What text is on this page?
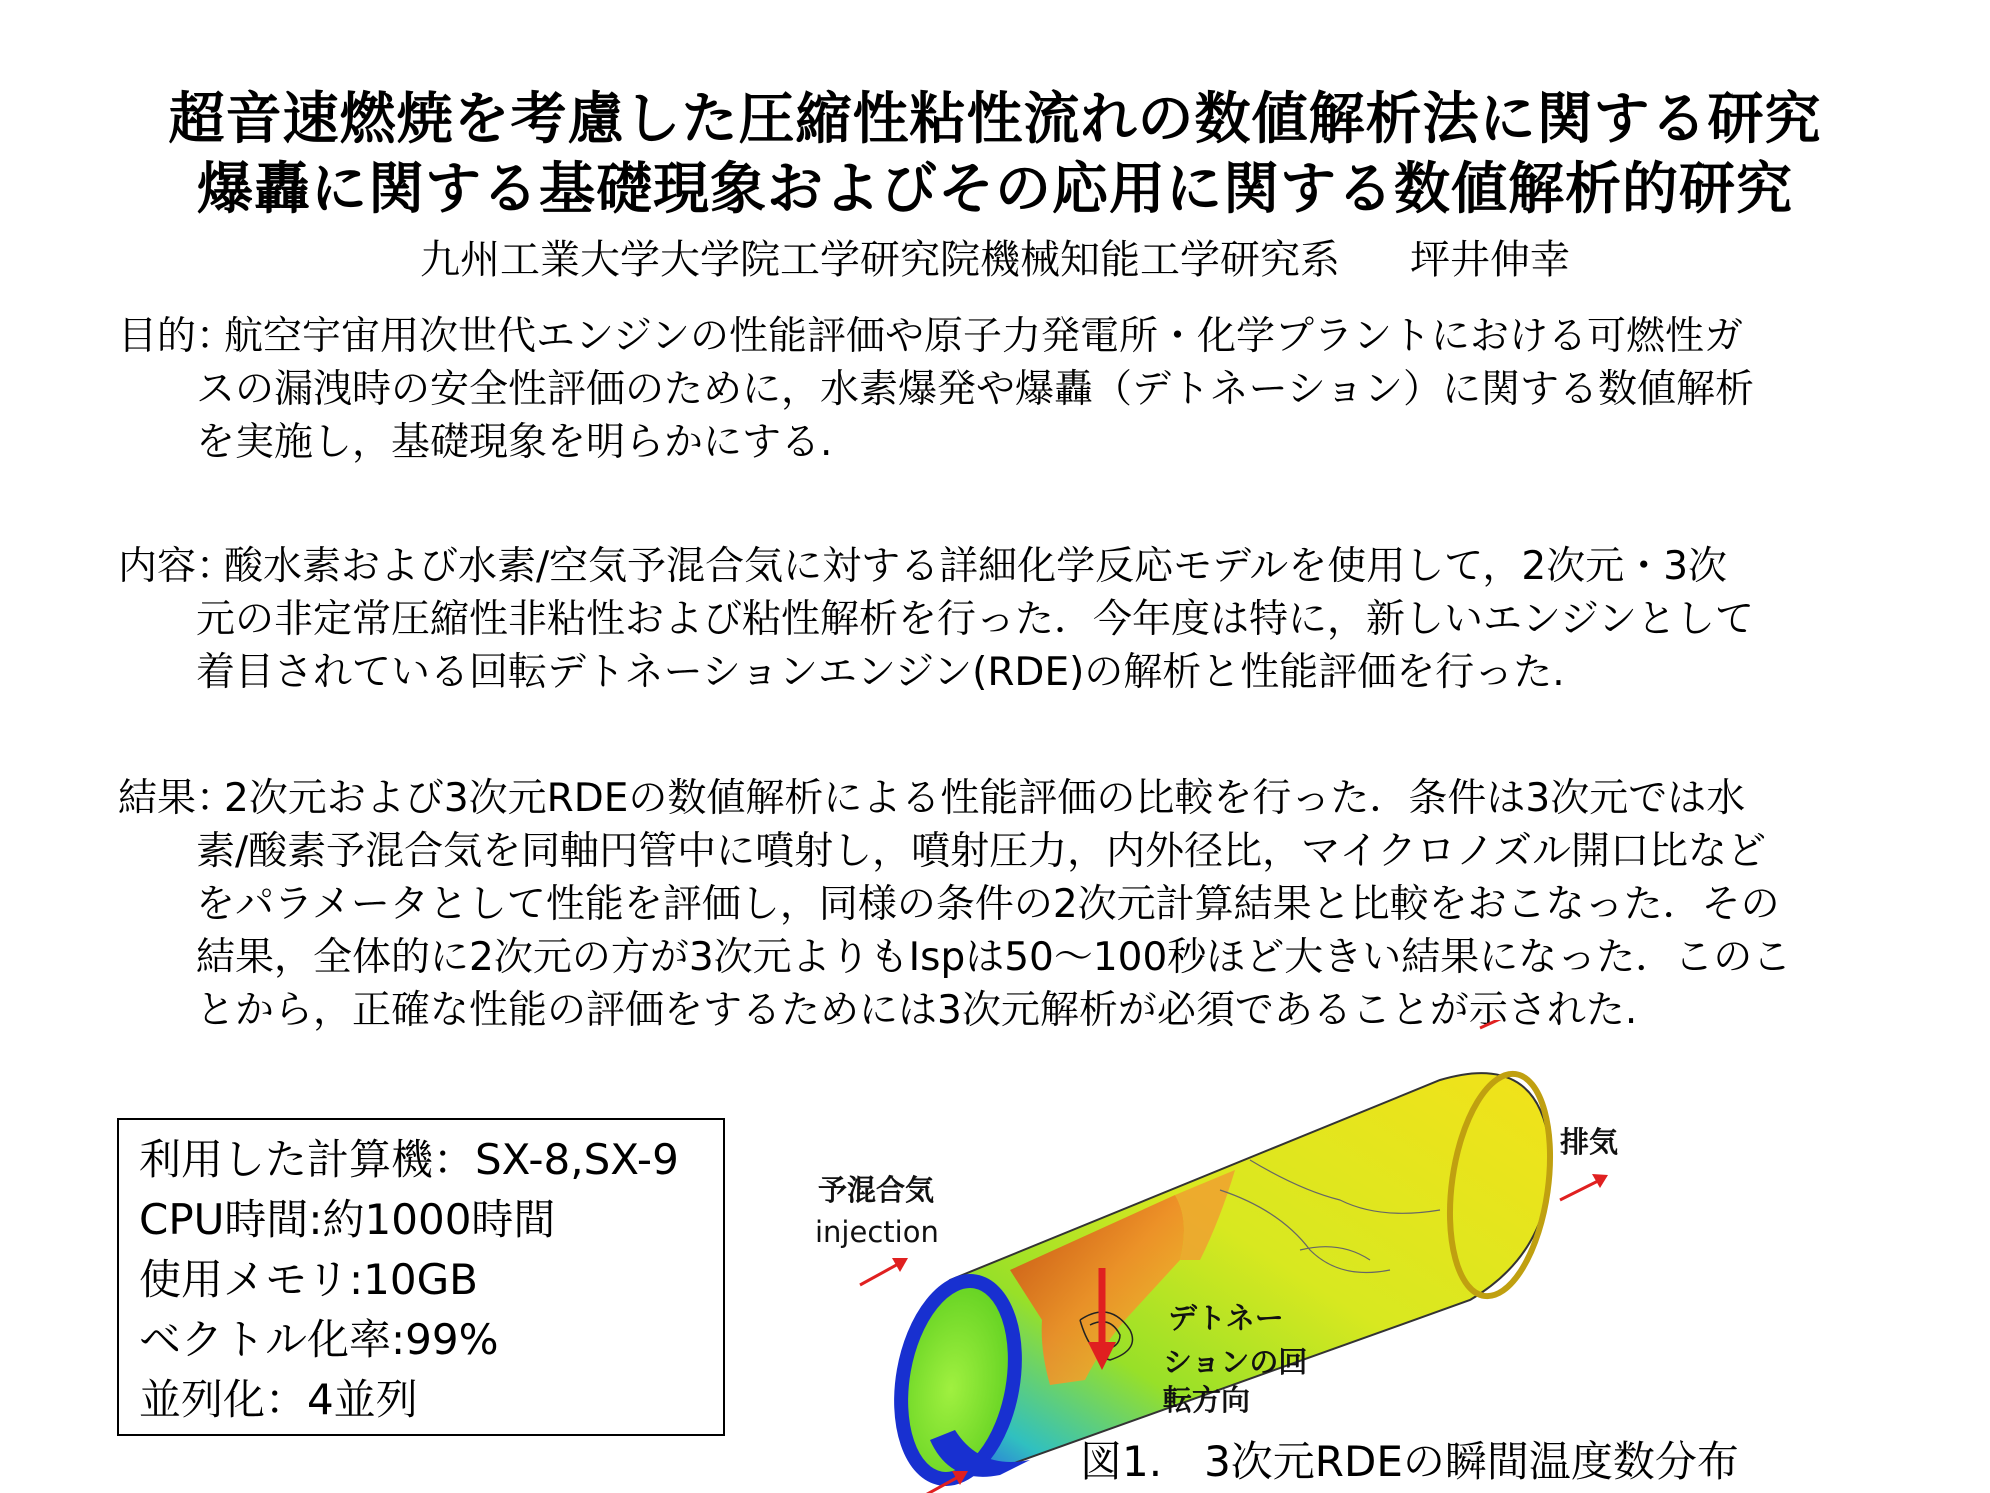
超音速燃焼を考慮した圧縮性粘性流れの数値解析法に関する研究
爆轟に関する基礎現象およびその応用に関する数値解析的研究
九州工業大学大学院工学研究院機械知能工学研究系 坪井伸幸
目的：
航空宇宙用次世代エンジンの性能評価や原子力発電所・化学プラントにおける可燃性ガ
スの漏洩時の安全性評価のために，水素爆発や爆轟（デトネーション）に関する数値解析
を実施し，基礎現象を明らかにする.
内容：
酸水素および水素/空気予混合気に対する詳細化学反応モデルを使用して，2次元・3次
元の非定常圧縮性非粘性および粘性解析を行った．今年度は特に，新しいエンジンとして
着目されている回転デトネーションエンジン(RDE)の解析と性能評価を行った.
結果：
2次元および3次元RDEの数値解析による性能評価の比較を行った．条件は3次元では水
素/酸素予混合気を同軸円管中に噴射し，噴射圧力，内外径比，マイクロノズル開口比など
をパラメータとして性能を評価し，同様の条件の2次元計算結果と比較をおこなった．その
結果，全体的に2次元の方が3次元よりもIspは50～100秒ほど大きい結果になった．このこ
とから，正確な性能の評価をするためには3次元解析が必須であることが示された.
利用した計算機：SX-8,SX-9
CPU時間:約1000時間
使用メモリ:10GB
ベクトル化率:99%
並列化：4並列
予混合気
injection
排気
デトネー
ションの回
転方向
図1.　3次元RDEの瞬間温度数分布
